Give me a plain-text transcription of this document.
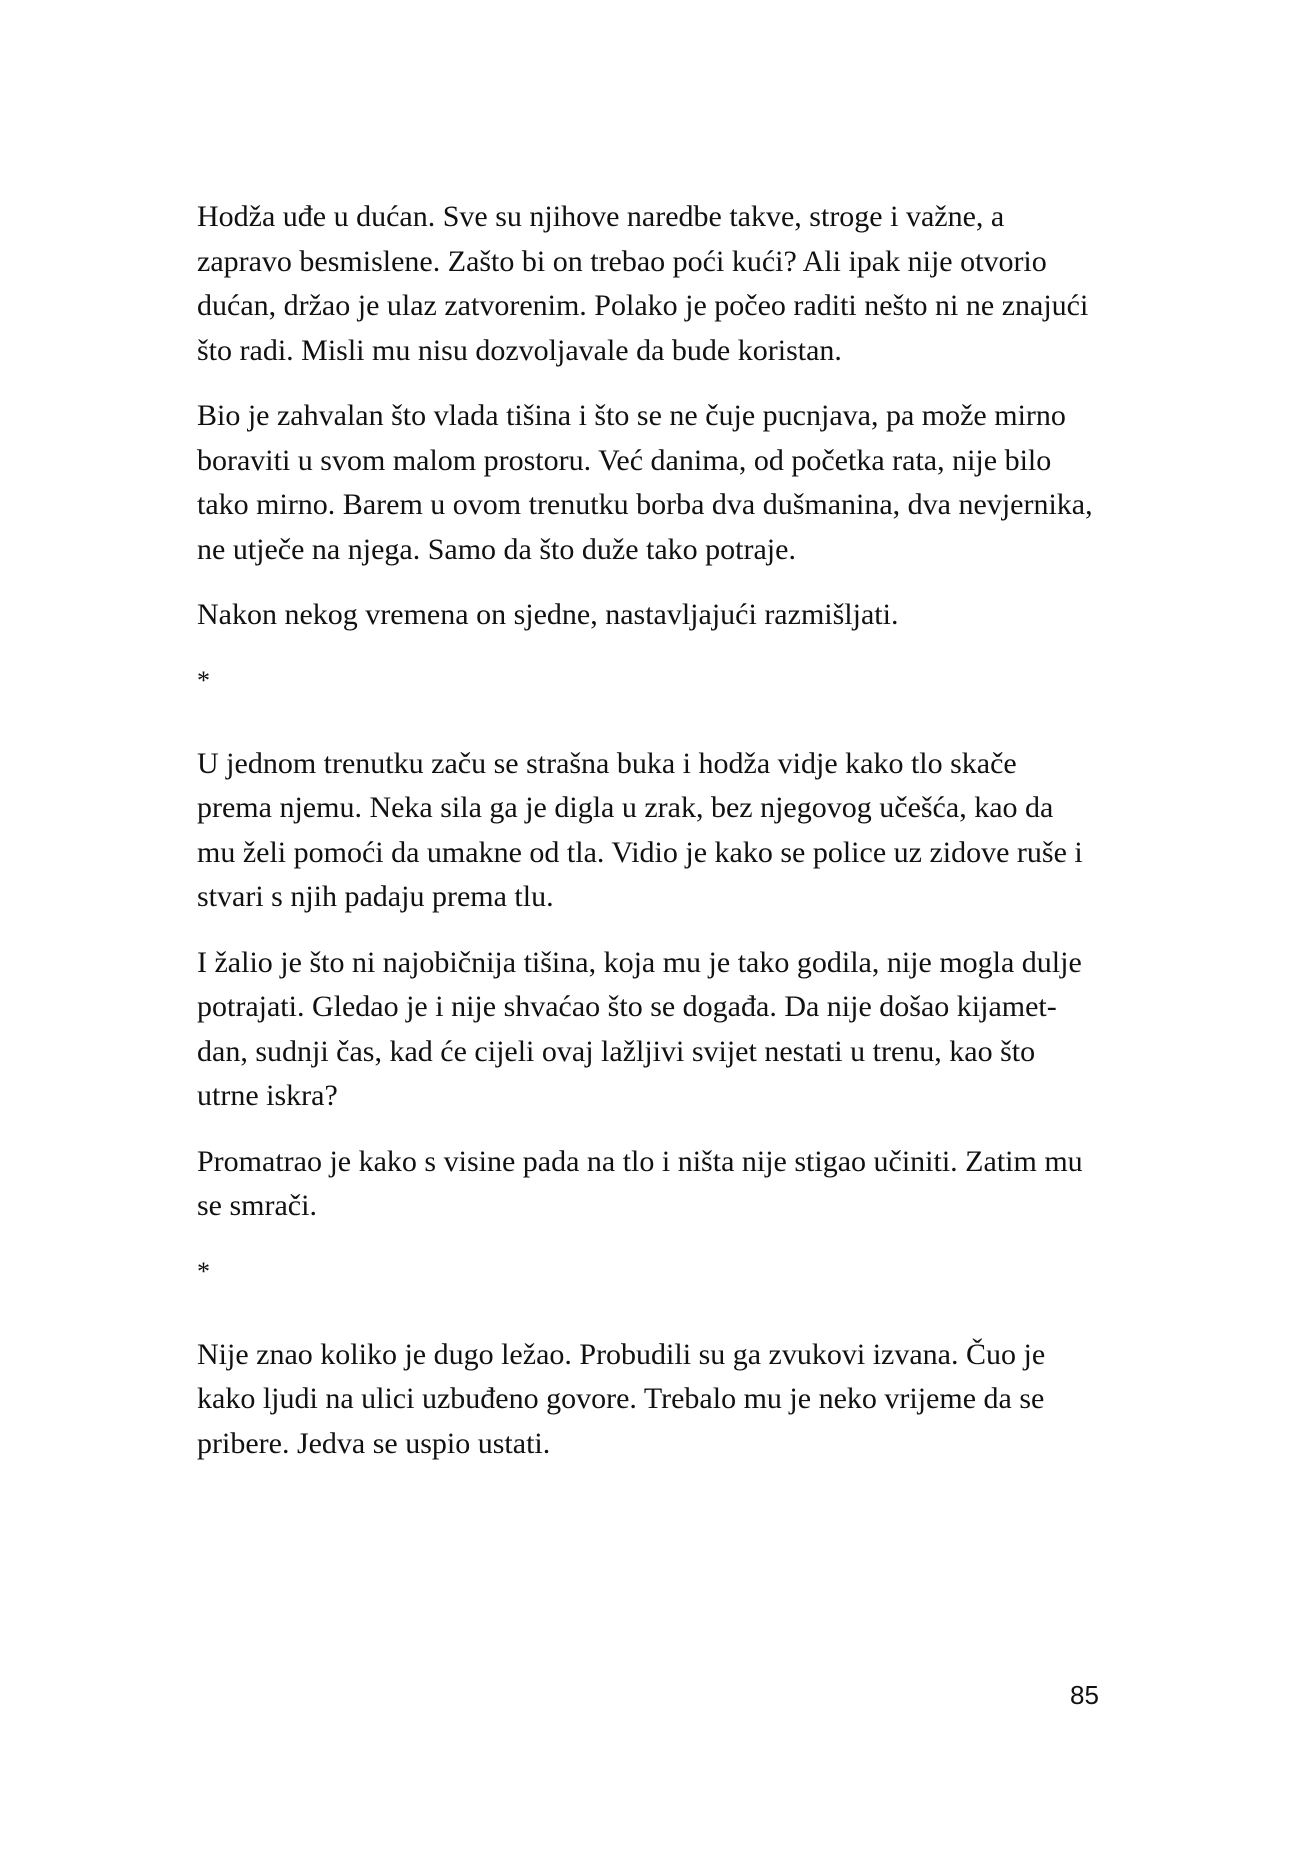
Hodža uđe u dućan. Sve su njihove naredbe takve, stroge i važne, a zapravo besmislene. Zašto bi on trebao poći kući? Ali ipak nije otvorio dućan, držao je ulaz zatvorenim. Polako je počeo raditi nešto ni ne znajući što radi. Misli mu nisu dozvoljavale da bude koristan.

Bio je zahvalan što vlada tišina i što se ne čuje pucnjava, pa može mirno boraviti u svom malom prostoru. Već danima, od početka rata, nije bilo tako mirno. Barem u ovom trenutku borba dva dušmanina, dva nevjernika, ne utječe na njega. Samo da što duže tako potraje.

Nakon nekog vremena on sjedne, nastavljajući razmišljati.

*

U jednom trenutku začu se strašna buka i hodža vidje kako tlo skače prema njemu. Neka sila ga je digla u zrak, bez njegovog učešća, kao da mu želi pomoći da umakne od tla. Vidio je kako se police uz zidove ruše i stvari s njih padaju prema tlu.

I žalio je što ni najobičnija tišina, koja mu je tako godila, nije mogla dulje potrajati. Gledao je i nije shvaćao što se događa. Da nije došao kijamet-dan, sudnji čas, kad će cijeli ovaj lažljivi svijet nestati u trenu, kao što utrne iskra?

Promatrao je kako s visine pada na tlo i ništa nije stigao učiniti. Zatim mu se smrači.

*

Nije znao koliko je dugo ležao. Probudili su ga zvukovi izvana. Čuo je kako ljudi na ulici uzbuđeno govore. Trebalo mu je neko vrijeme da se pribere. Jedva se uspio ustati.

85
